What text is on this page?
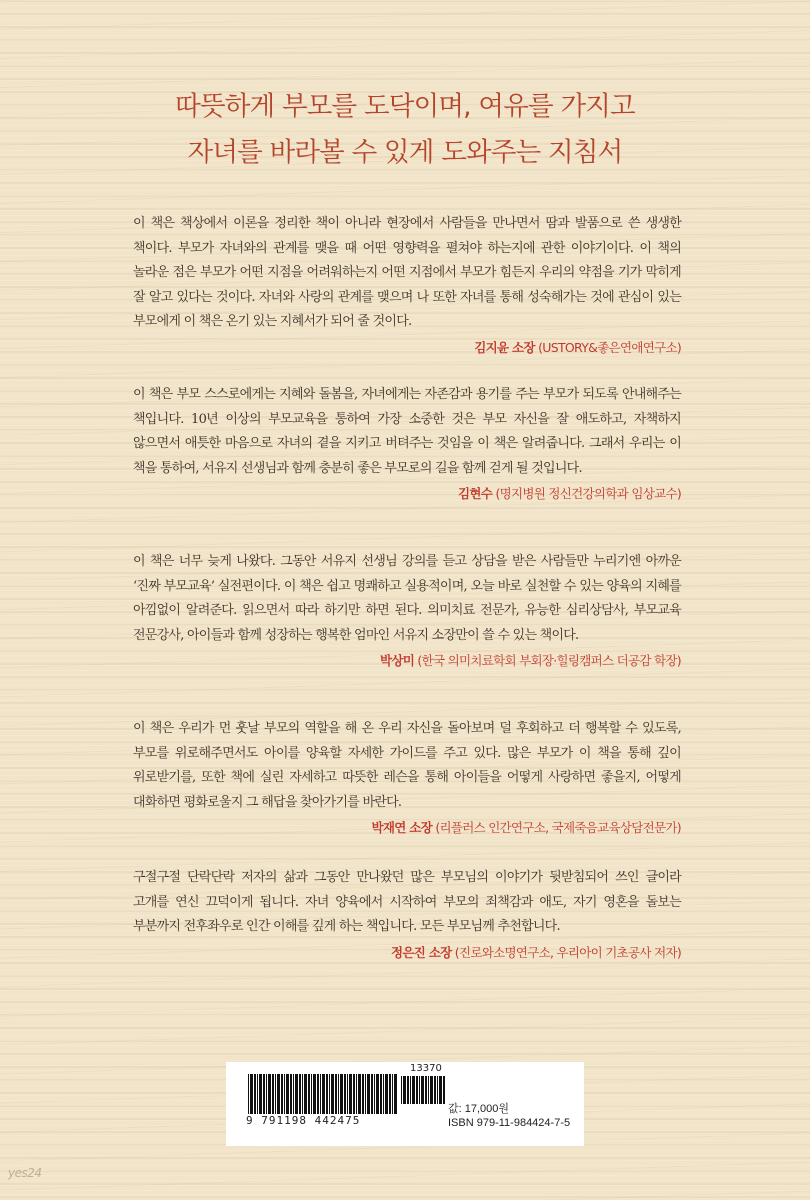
따뜻하게 부모를 도닥이며, 여유를 가지고
자녀를 바라볼 수 있게 도와주는 지침서

이 책은 책상에서 이론을 정리한 책이 아니라 현장에서 사람들을 만나면서 땀과 발품으로 쓴 생생한 책이다. 부모가 자녀와의 관계를 맺을 때 어떤 영향력을 펼쳐야 하는지에 관한 이야기이다. 이 책의 놀라운 점은 부모가 어떤 지점을 어려워하는지 어떤 지점에서 부모가 힘든지 우리의 약점을 기가 막히게 잘 알고 있다는 것이다. 자녀와 사랑의 관계를 맺으며 나 또한 자녀를 통해 성숙해가는 것에 관심이 있는 부모에게 이 책은 온기 있는 지혜서가 되어 줄 것이다.

김지윤 소장 (USTORY&좋은연애연구소)

이 책은 부모 스스로에게는 지혜와 돌봄을, 자녀에게는 자존감과 용기를 주는 부모가 되도록 안내해주는 책입니다. 10년 이상의 부모교육을 통하여 가장 소중한 것은 부모 자신을 잘 애도하고, 자책하지 않으면서 애틋한 마음으로 자녀의 곁을 지키고 버텨주는 것임을 이 책은 알려줍니다. 그래서 우리는 이 책을 통하여, 서유지 선생님과 함께 충분히 좋은 부모로의 길을 함께 걷게 될 것입니다.

김현수 (명지병원 정신건강의학과 임상교수)

이 책은 너무 늦게 나왔다. 그동안 서유지 선생님 강의를 듣고 상담을 받은 사람들만 누리기엔 아까운 ‘진짜 부모교육’ 실전편이다. 이 책은 쉽고 명쾌하고 실용적이며, 오늘 바로 실천할 수 있는 양육의 지혜를 아낌없이 알려준다. 읽으면서 따라 하기만 하면 된다. 의미치료 전문가, 유능한 심리상담사, 부모교육 전문강사, 아이들과 함께 성장하는 행복한 엄마인 서유지 소장만이 쓸 수 있는 책이다.

박상미 (한국 의미치료학회 부회장·힐링캠퍼스 더공감 학장)

이 책은 우리가 먼 훗날 부모의 역할을 해 온 우리 자신을 돌아보며 덜 후회하고 더 행복할 수 있도록, 부모를 위로해주면서도 아이를 양육할 자세한 가이드를 주고 있다. 많은 부모가 이 책을 통해 깊이 위로받기를, 또한 책에 실린 자세하고 따뜻한 레슨을 통해 아이들을 어떻게 사랑하면 좋을지, 어떻게 대화하면 평화로울지 그 해답을 찾아가기를 바란다.

박재연 소장 (리플러스 인간연구소, 국제죽음교육상담전문가)

구절구절 단락단락 저자의 삶과 그동안 만나왔던 많은 부모님의 이야기가 뒷받침되어 쓰인 글이라 고개를 연신 끄덕이게 됩니다. 자녀 양육에서 시작하여 부모의 죄책감과 애도, 자기 영혼을 돌보는 부분까지 전후좌우로 인간 이해를 깊게 하는 책입니다. 모든 부모님께 추천합니다.

정은진 소장 (진로와소명연구소, 우리아이 기초공사 저자)
9 791198 442475
13370
값: 17,000원
ISBN 979-11-984424-7-5
yes24
